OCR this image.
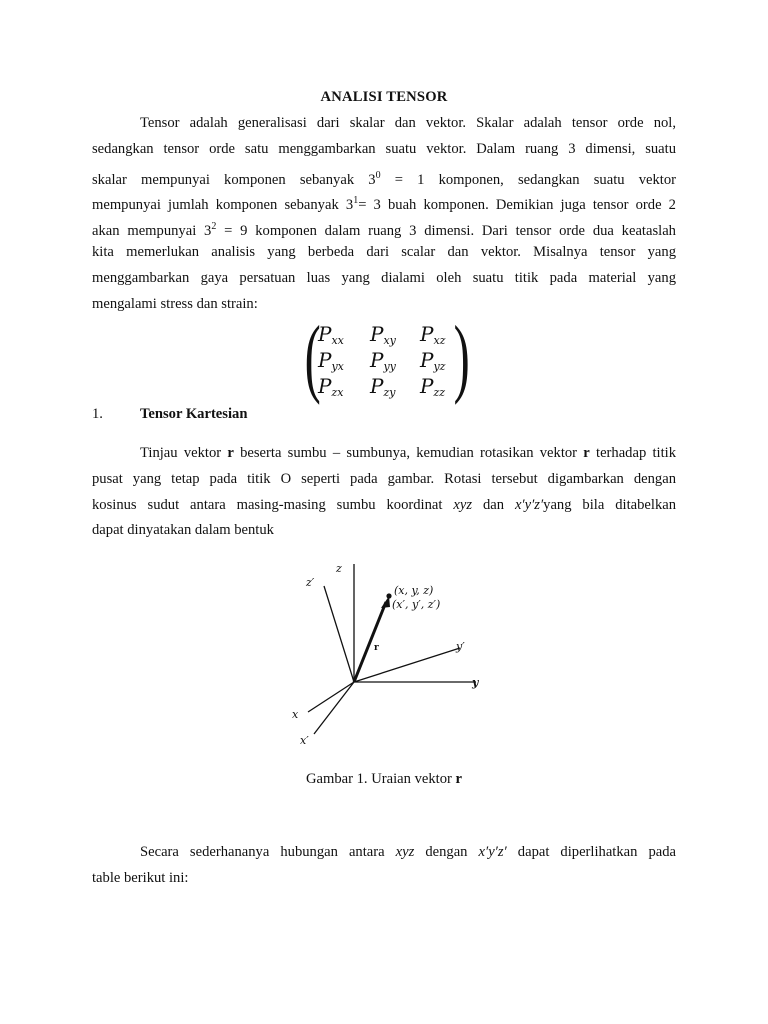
ANALISI TENSOR
Tensor adalah generalisasi dari skalar dan vektor. Skalar adalah tensor orde nol,
sedangkan tensor orde satu menggambarkan suatu vektor. Dalam ruang 3 dimensi, suatu
skalar mempunyai komponen sebanyak $3^0 = 1$ komponen, sedangkan suatu vektor
mempunyai jumlah komponen sebanyak $3^1= 3$ buah komponen. Demikian juga tensor orde 2
akan mempunyai $3^2 = 9$ komponen dalam ruang 3 dimensi. Dari tensor orde dua keataslah
kita memerlukan analisis yang berbeda dari scalar dan vektor. Misalnya tensor yang
menggambarkan gaya persatuan luas yang dialami oleh suatu titik pada material yang
mengalami stress dan strain:
( )
$P_{xx}$ $P_{xy}$ $P_{xz}$
$P_{yx}$ $P_{yy}$ $P_{yz}$
$P_{zx}$ $P_{zy}$ $P_{zz}$
1.	Tensor Kartesian
Tinjau vektor r beserta sumbu – sumbunya, kemudian rotasikan vektor r terhadap titik
pusat yang tetap pada titik O seperti pada gambar. Rotasi tersebut digambarkan dengan
kosinus sudut antara masing-masing sumbu koordinat xyz dan x′y′z′yang bila ditabelkan
dapat dinyatakan dalam bentuk
z
z′
y
y′
x
x′
r
(x, y, z)
(x′, y′, z′)
Gambar 1. Uraian vektor r
Secara sederhananya hubungan antara xyz dengan x′y′z′ dapat diperlihatkan pada
table berikut ini:
